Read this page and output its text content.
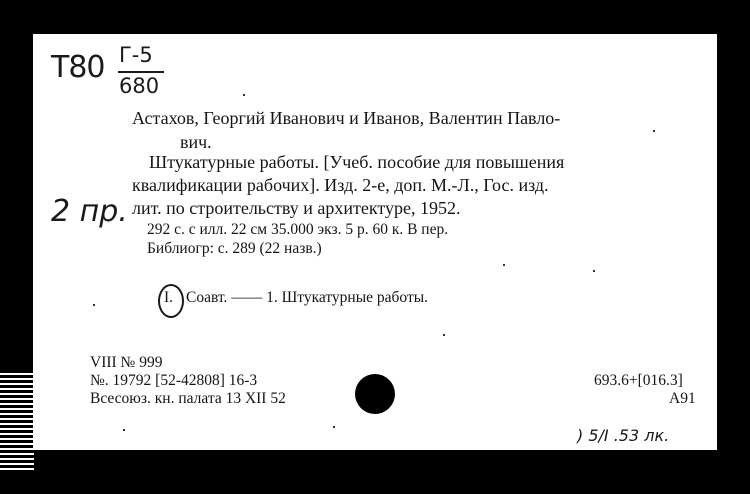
Т80 Г-5
680
Астахов, Георгий Иванович и Иванов, Валентин Павло-
вич.
Штукатурные работы. [Учеб. пособие для повышения
квалификации рабочих]. Изд. 2-е, доп. М.-Л., Гос. изд.
лит. по строительству и архитектуре, 1952.
292 с. с илл. 22 см 35.000 экз. 5 р. 60 к. В пер.
Библиогр: с. 289 (22 назв.)
2 пр.
I. Соавт. —— 1. Штукатурные работы.
VIII № 999
№. 19792 [52-42808] 16-3
Всесоюз. кн. палата 13 XII 52
693.6+[016.3]
А91
) 5/I .53 лк.
